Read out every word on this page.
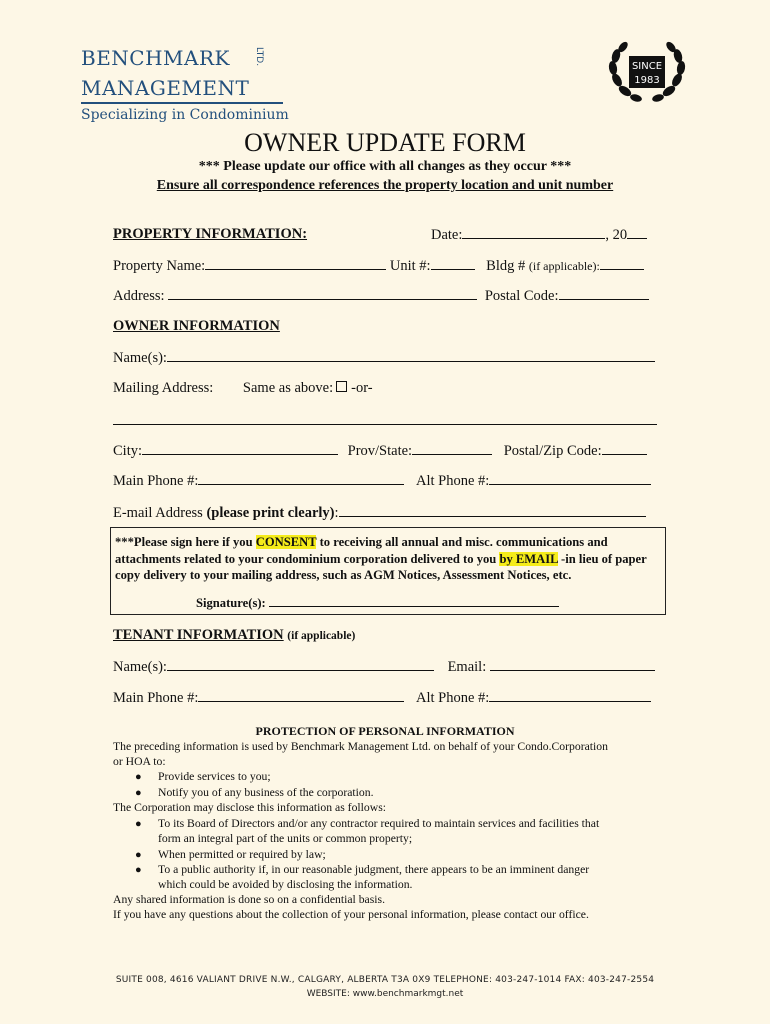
BENCHMARK
MANAGEMENT
LTD.
Specializing in Condominium
SINCE
1983
OWNER UPDATE FORM
*** Please update our office with all changes as they occur ***
Ensure all correspondence references the property location and unit number
PROPERTY INFORMATION:	Date:	, 20
Property Name:	Unit #:	Bldg # (if applicable):
Address:	Postal Code:
OWNER INFORMATION
Name(s):
Mailing Address: Same as above: -or-
City:	Prov/State:	Postal/Zip Code:
Main Phone #:	Alt Phone #:
E-mail Address (please print clearly):
***Please sign here if you CONSENT to receiving all annual and misc. communications and attachments related to your condominium corporation delivered to you by EMAIL -in lieu of paper copy delivery to your mailing address, such as AGM Notices, Assessment Notices, etc.
Signature(s):
TENANT INFORMATION (if applicable)
Name(s):	Email:
Main Phone #:	Alt Phone #:
PROTECTION OF PERSONAL INFORMATION
The preceding information is used by Benchmark Management Ltd. on behalf of your Condo.Corporation
or HOA to:
● Provide services to you;
● Notify you of any business of the corporation.
The Corporation may disclose this information as follows:
● To its Board of Directors and/or any contractor required to maintain services and facilities that
form an integral part of the units or common property;
● When permitted or required by law;
● To a public authority if, in our reasonable judgment, there appears to be an imminent danger
which could be avoided by disclosing the information.
Any shared information is done so on a confidential basis.
If you have any questions about the collection of your personal information, please contact our office.
SUITE 008, 4616 VALIANT DRIVE N.W., CALGARY, ALBERTA T3A 0X9 TELEPHONE: 403-247-1014 FAX: 403-247-2554
WEBSITE: www.benchmarkmgt.net
